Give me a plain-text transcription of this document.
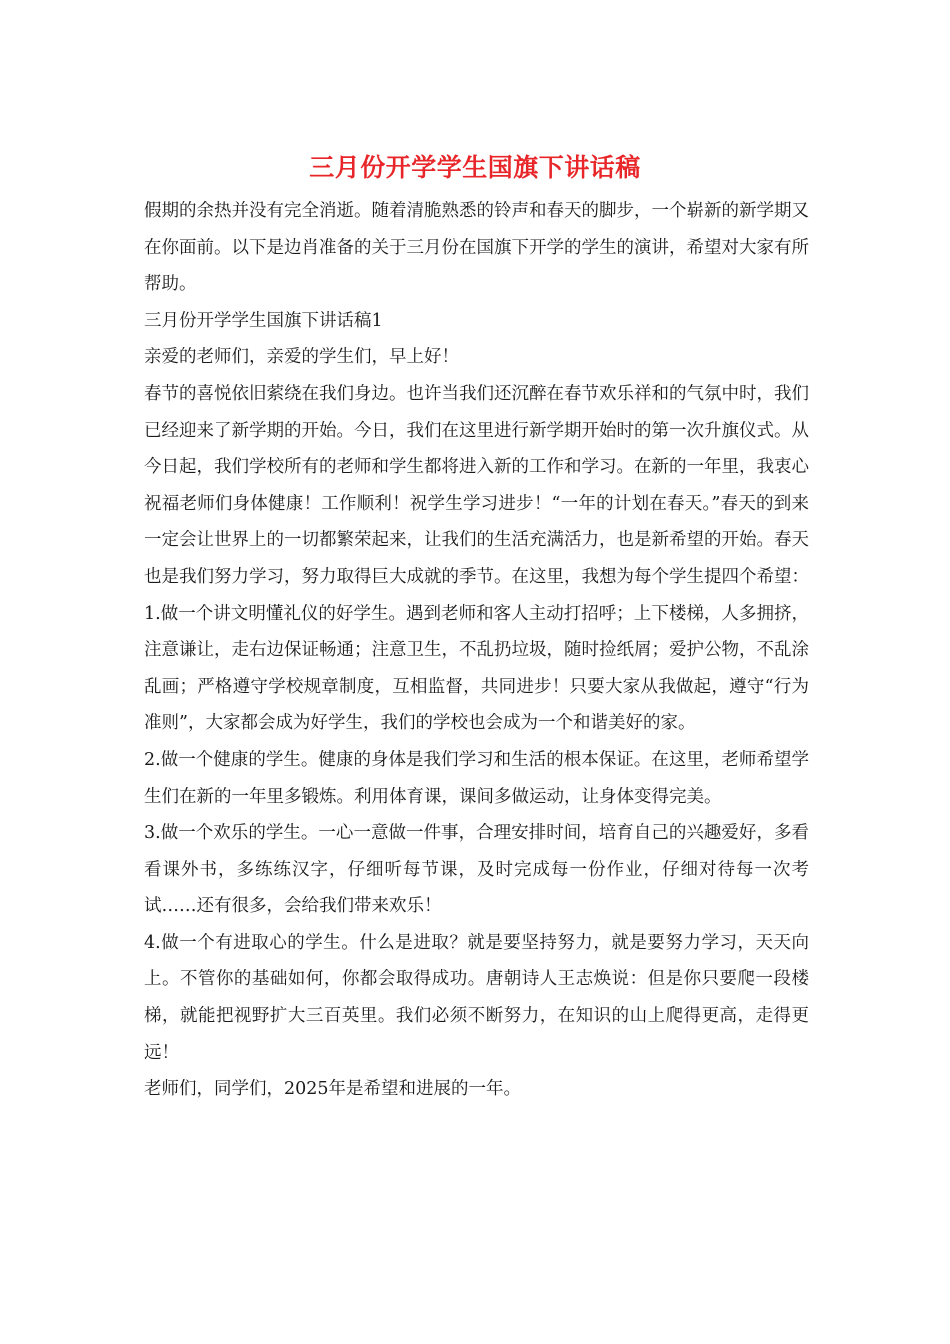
三月份开学学生国旗下讲话稿

假期的余热并没有完全消逝。随着清脆熟悉的铃声和春天的脚步，一个崭新的新学期又在你面前。以下是边肖准备的关于三月份在国旗下开学的学生的演讲，希望对大家有所帮助。

三月份开学学生国旗下讲话稿1

亲爱的老师们，亲爱的学生们，早上好！

春节的喜悦依旧萦绕在我们身边。也许当我们还沉醉在春节欢乐祥和的气氛中时，我们已经迎来了新学期的开始。今日，我们在这里进行新学期开始时的第一次升旗仪式。从今日起，我们学校所有的老师和学生都将进入新的工作和学习。在新的一年里，我衷心祝福老师们身体健康！工作顺利！祝学生学习进步！“一年的计划在春天。”春天的到来一定会让世界上的一切都繁荣起来，让我们的生活充满活力，也是新希望的开始。春天也是我们努力学习，努力取得巨大成就的季节。在这里，我想为每个学生提四个希望：

1.做一个讲文明懂礼仪的好学生。遇到老师和客人主动打招呼；上下楼梯，人多拥挤，注意谦让，走右边保证畅通；注意卫生，不乱扔垃圾，随时捡纸屑；爱护公物，不乱涂乱画；严格遵守学校规章制度，互相监督，共同进步！只要大家从我做起，遵守“行为准则”，大家都会成为好学生，我们的学校也会成为一个和谐美好的家。

2.做一个健康的学生。健康的身体是我们学习和生活的根本保证。在这里，老师希望学生们在新的一年里多锻炼。利用体育课，课间多做运动，让身体变得完美。

3.做一个欢乐的学生。一心一意做一件事，合理安排时间，培育自己的兴趣爱好，多看看课外书，多练练汉字，仔细听每节课，及时完成每一份作业，仔细对待每一次考试……还有很多，会给我们带来欢乐！

4.做一个有进取心的学生。什么是进取？就是要坚持努力，就是要努力学习，天天向上。不管你的基础如何，你都会取得成功。唐朝诗人王志焕说：但是你只要爬一段楼梯，就能把视野扩大三百英里。我们必须不断努力，在知识的山上爬得更高，走得更远！

老师们，同学们，2025年是希望和进展的一年。
